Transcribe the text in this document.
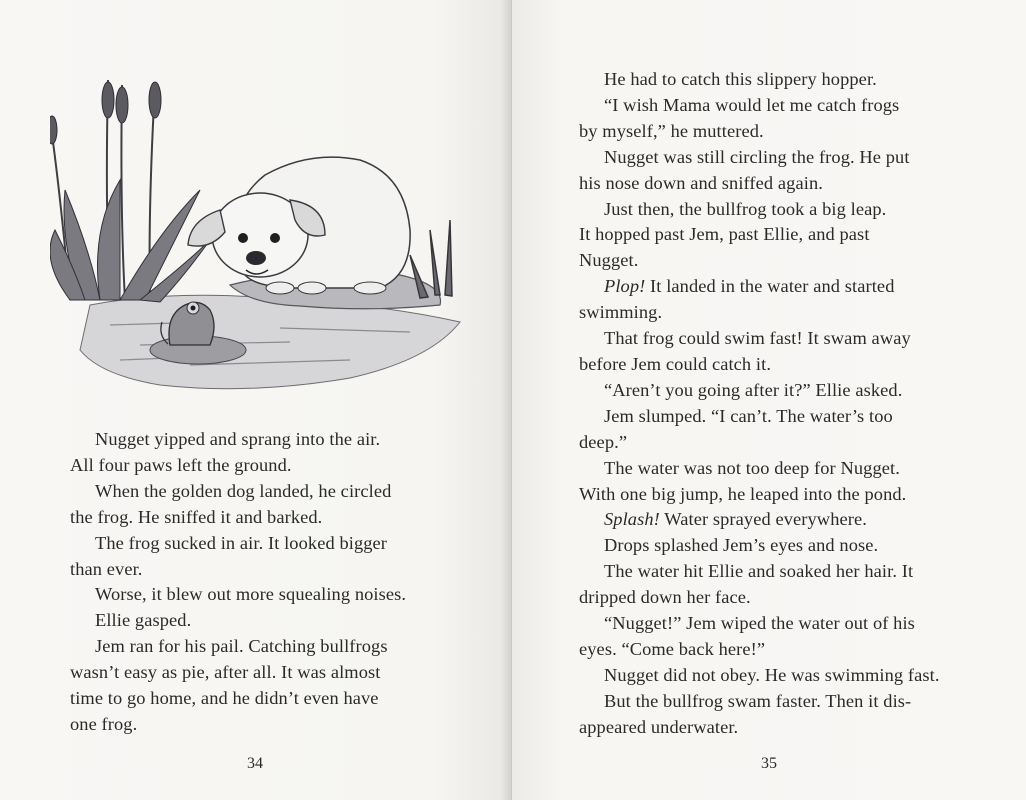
Nugget yipped and sprang into the air.

All four paws left the ground.

When the golden dog landed, he circled

the frog. He sniffed it and barked.

The frog sucked in air. It looked bigger

than ever.

Worse, it blew out more squealing noises.

Ellie gasped.

Jem ran for his pail. Catching bullfrogs

wasn’t easy as pie, after all. It was almost
time to go home, and he didn’t even have
one frog.
34	35

He had to catch this slippery hopper.

“I wish Mama would let me catch frogs

by myself,” he muttered.

Nugget was still circling the frog. He put

his nose down and sniffed again.

Just then, the bullfrog took a big leap.

It hopped past Jem, past Ellie, and past
Nugget.

Plop! It landed in the water and started

swimming.

That frog could swim fast! It swam away

before Jem could catch it.

“Aren’t you going after it?” Ellie asked.

Jem slumped. “I can’t. The water’s too

deep.”

The water was not too deep for Nugget.

With one big jump, he leaped into the pond.

Splash! Water sprayed everywhere.

Drops splashed Jem’s eyes and nose.

The water hit Ellie and soaked her hair. It

dripped down her face.

“Nugget!” Jem wiped the water out of his

eyes. “Come back here!”

Nugget did not obey. He was swimming fast.

But the bullfrog swam faster. Then it dis-

appeared underwater.
